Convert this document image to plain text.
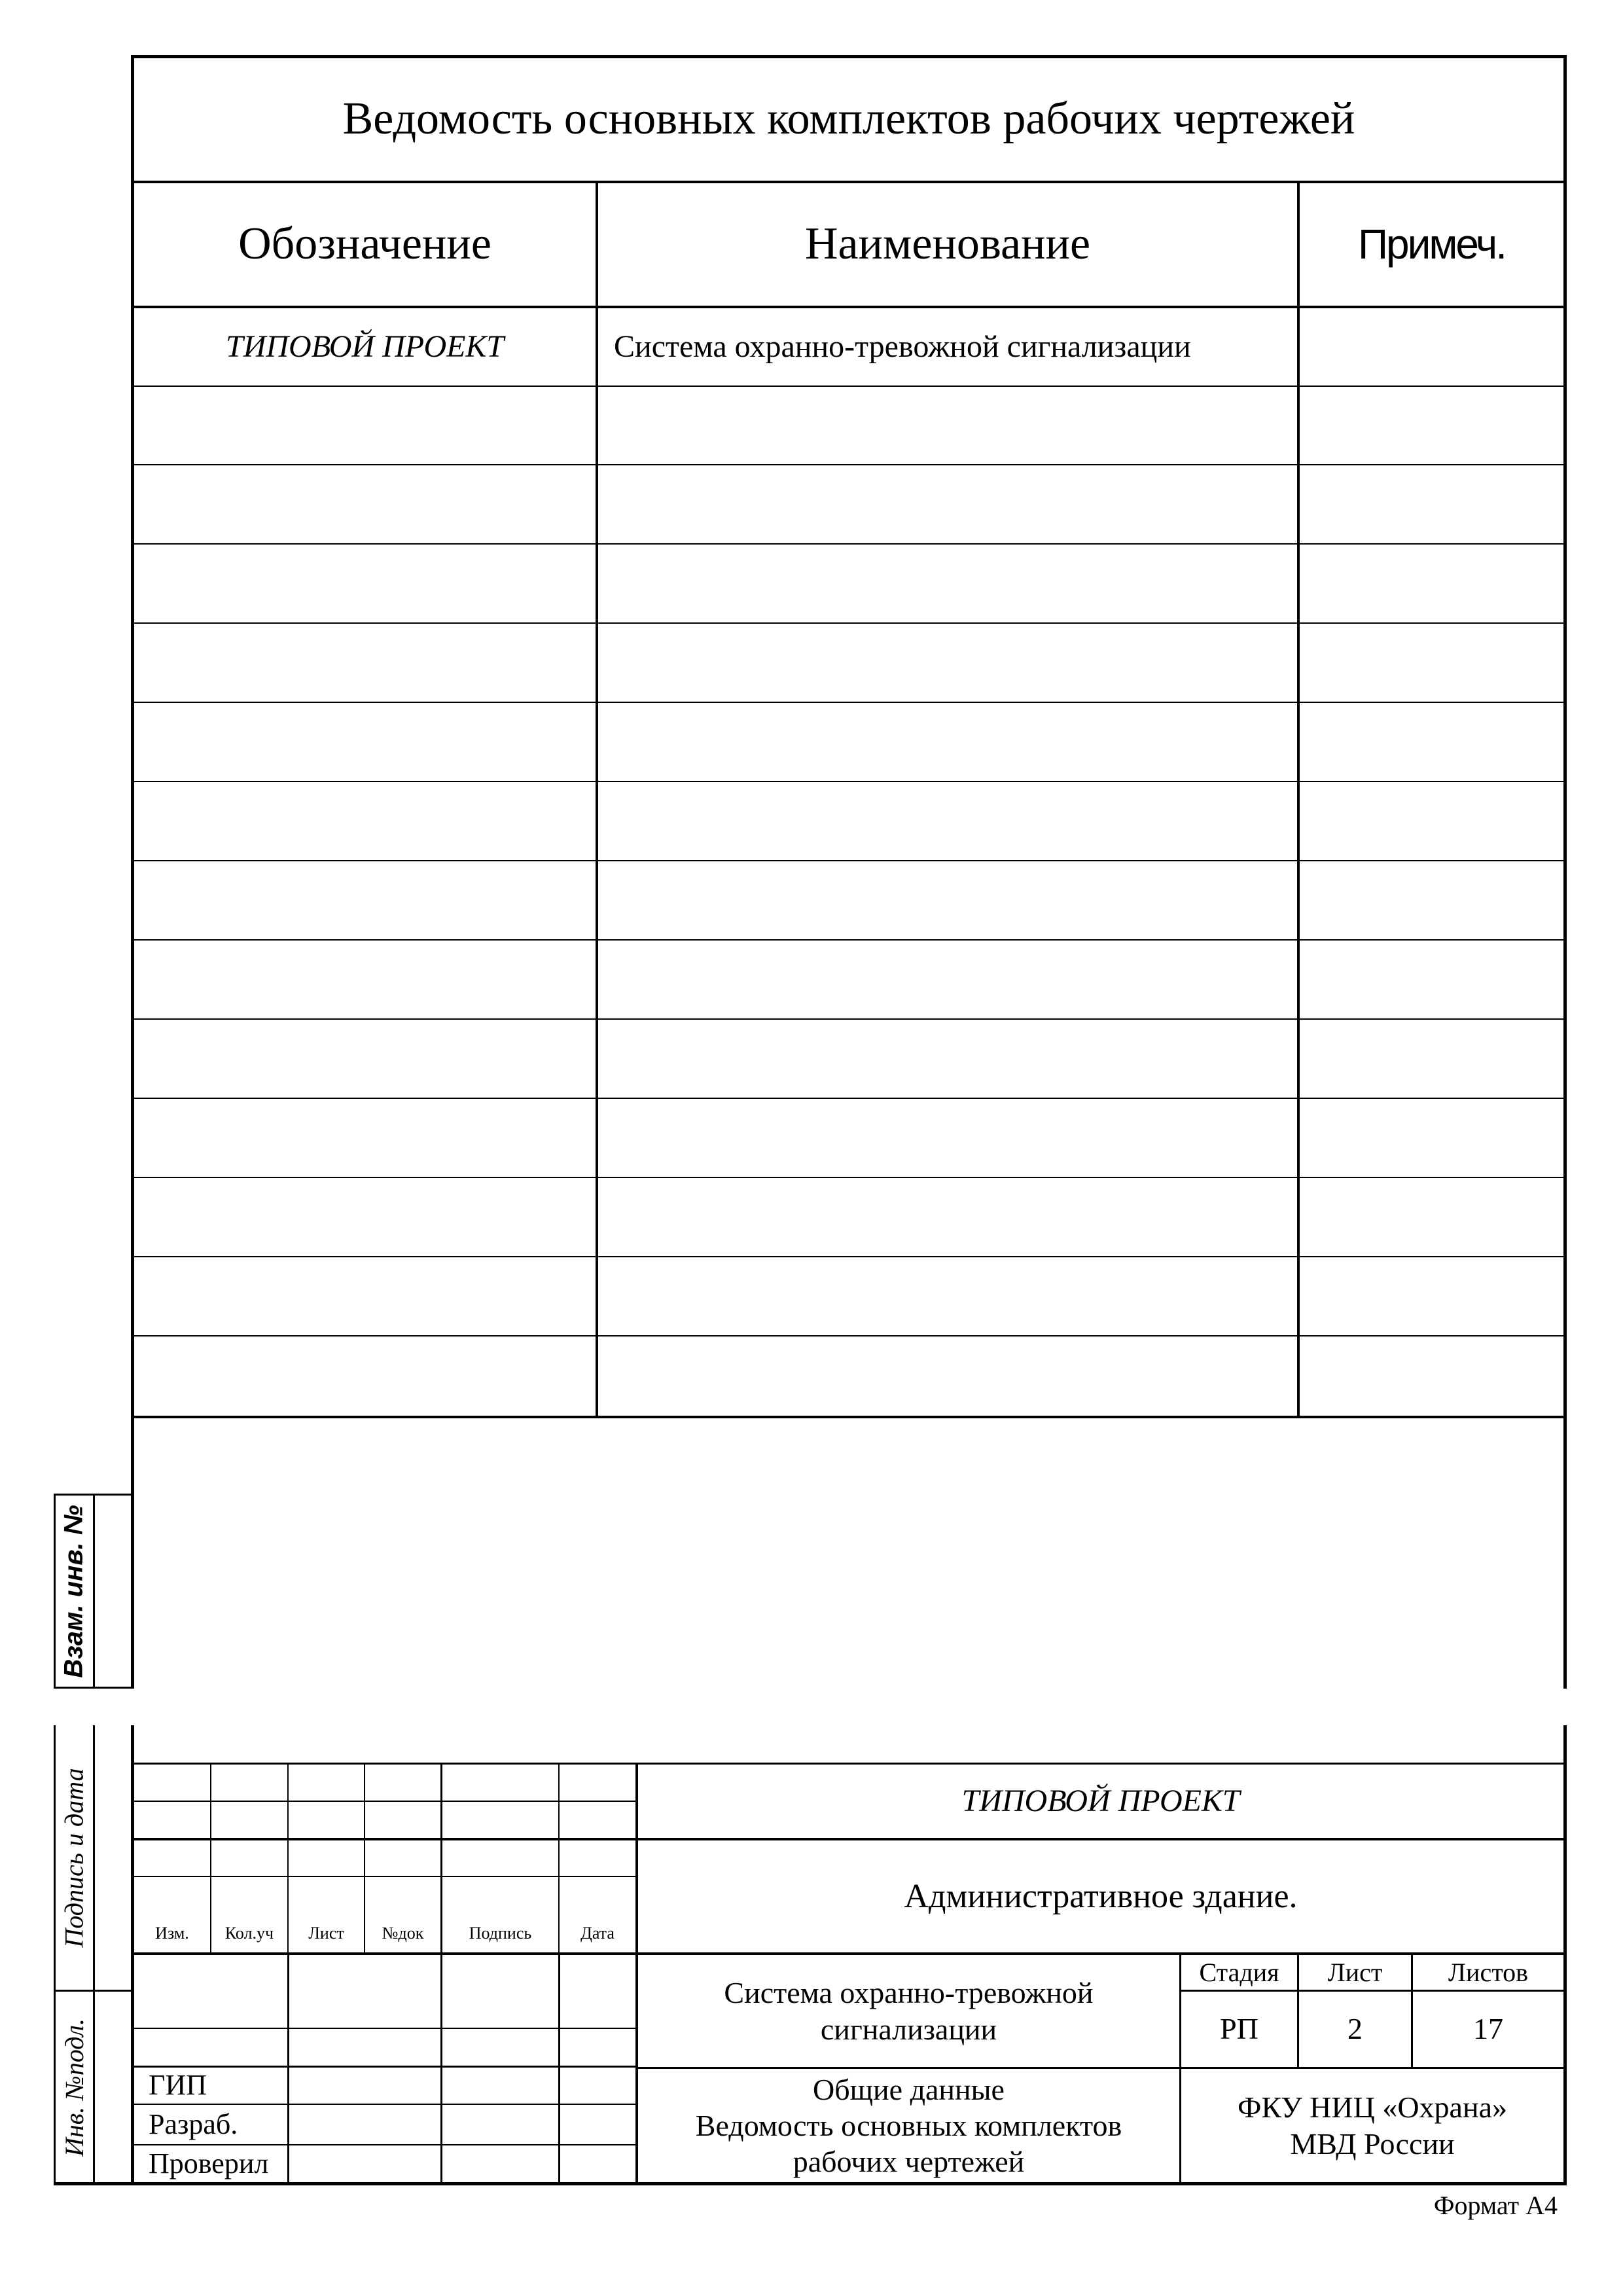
Ведомость основных комплектов рабочих чертежей
Обозначение	Наименование	Примеч.
ТИПОВОЙ ПРОЕКТ	Система охранно-тревожной сигнализации
Взам. инв. №
Подпись и дата
Инв. №подл.
Изм.	Кол.уч	Лист	№док	Подпись	Дата
ТИПОВОЙ ПРОЕКТ
Административное здание.
Система охранно-тревожной
сигнализации
Стадия	Лист	Листов
РП	2	17
ГИП
Разраб.
Проверил
Общие данные
Ведомость основных комплектов
рабочих чертежей
ФКУ НИЦ «Охрана»
МВД России
Формат А4
